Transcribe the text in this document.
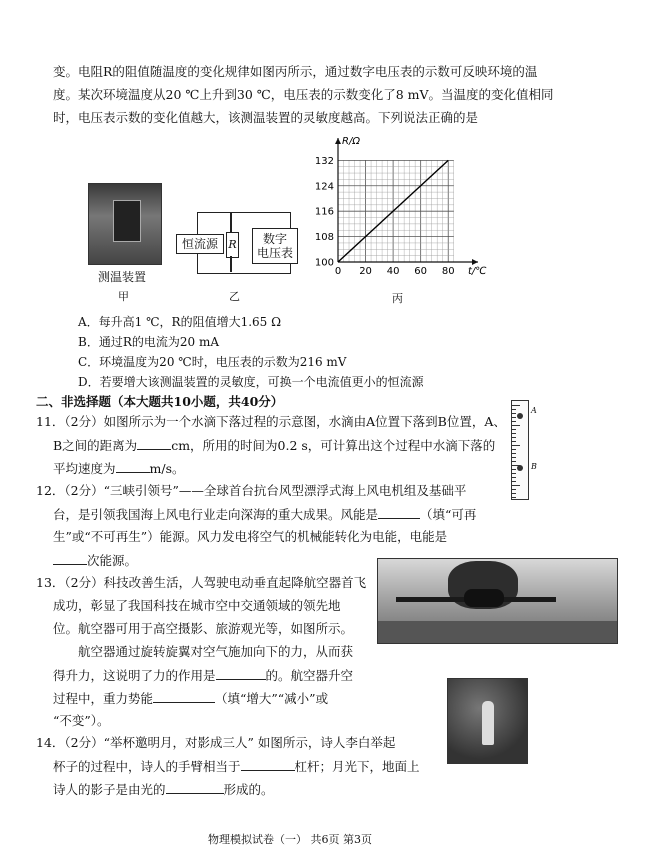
变。电阻R的阻值随温度的变化规律如图丙所示，通过数字电压表的示数可反映环境的温
度。某次环境温度从20 ℃上升到30 ℃，电压表的示数变化了8 mV。当温度的变化值相同
时，电压表示数的变化值越大，该测温装置的灵敏度越高。下列说法正确的是
测温装置
甲
恒流源 R	数字
电压表
乙
0 20 40 60 80
100
108
116
124
132
R/Ω
t/℃
丙
A．每升高1 ℃，R的阻值增大1.65 Ω
B．通过R的电流为20 mA
C．环境温度为20 ℃时，电压表的示数为216 mV
D．若要增大该测温装置的灵敏度，可换一个电流值更小的恒流源
二、非选择题（本大题共10小题，共40分）
11．（2分）如图所示为一个水滴下落过程的示意图，水滴由A位置下落到B位置，A、
B之间的距离为	cm，所用的时间为0.2 s，可计算出这个过程中水滴下落的
平均速度为	m/s。
A
B
12．（2分）“三峡引领号”——全球首台抗台风型漂浮式海上风电机组及基础平
台，是引领我国海上风电行业走向深海的重大成果。风能是	（填“可再
生”或“不可再生”）能源。风力发电将空气的机械能转化为电能，电能是
次能源。
13．（2分）科技改善生活，人驾驶电动垂直起降航空器首飞
成功，彰显了我国科技在城市空中交通领域的领先地
位。航空器可用于高空摄影、旅游观光等，如图所示。
航空器通过旋转旋翼对空气施加向下的力，从而获
得升力，这说明了力的作用是	的。航空器升空
过程中，重力势能	（填“增大”“减小”或
“不变”）。
14．（2分）“举杯邀明月，对影成三人” 如图所示，诗人李白举起
杯子的过程中，诗人的手臂相当于	杠杆；月光下，地面上
诗人的影子是由光的	形成的。
物理模拟试卷（一） 共6页 第3页
